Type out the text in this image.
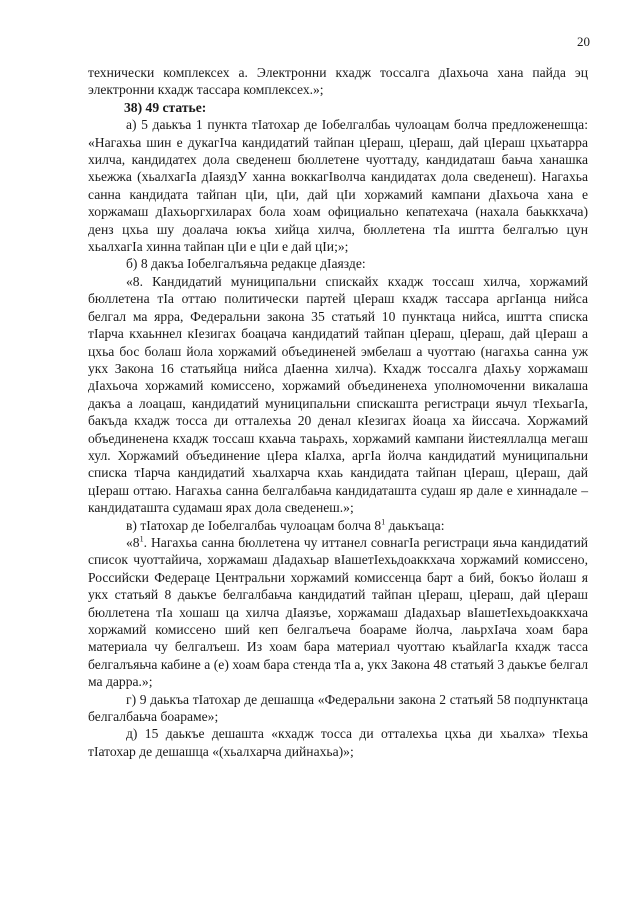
20

технически комплексех а. Электронни кхадж тоссалга дIахьоча хана пайда эц электронни кхадж тассара комплексех.»;

38) 49 статье:

а) 5 даькъа 1 пункта тIатохар де Iобелгалбаь чулоацам болча предложенешца: «Нагахьа шин е дукагIча кандидатий тайпан цIераш, цIераш, дай цIераш цхьатарра хилча, кандидатех дола сведенеш бюллетене чуоттаду, кандидаташ баьча ханашка хьежжа (хьалхагIа дIаяздУ ханна воккагIволча кандидатах дола сведенеш). Нагахьа санна кандидата тайпан цIи, цIи, дай цIи хоржамий кампани дIахьоча хана е хоржамаш дIахьоргхиларах бола хоам официально кепатехача (нахала баьккхача) денз цхьа шу доалача юкъа хийца хилча, бюллетена тIа иштта белгалъю цун хьалхагIа хинна тайпан цIи е цIи е дай цIи;»;

б) 8 дакъа Iобелгалъяьча редакце дIаязде:

«8. Кандидатий муниципальни спискайх кхадж тоссаш хилча, хоржамий бюллетена тIа оттаю политически партей цIераш кхадж тассара аргIанца нийса белгал ма ярра, Федеральни закона 35 статьяй 10 пунктаца нийса, иштта списка тIарча кхаьннел кIезигах боацача кандидатий тайпан цIераш, цIераш, дай цIераш а цхьа бос болаш йола хоржамий объединеней эмбелаш а чуоттаю (нагахьа санна уж укх Закона 16 статьяйца нийса дIаенна хилча). Кхадж тоссалга дIахьу хоржамаш дIахьоча хоржамий комиссено, хоржамий объединенеха уполномоченни викалаша дакъа а лоацаш, кандидатий муниципальни спискашта регистраци яьчул тIехьагIа, бакъда кхадж тосса ди отталехьа 20 денал кIезигах йоаца ха йиссача. Хоржамий объединенена кхадж тоссаш кхаьча таьрахь, хоржамий кампани йистеяллалца мегаш хул. Хоржамий объединение цIера кIалха, аргIа йолча кандидатий муниципальни списка тIарча кандидатий хьалхарча кхаь кандидата тайпан цIераш, цIераш, дай цIераш оттаю. Нагахьа санна белгалбаьча кандидаташта судаш яр дале е хиннадале – кандидаташта судамаш ярах дола сведенеш.»;

в) тIатохар де Iобелгалбаь чулоацам болча $8^1$ даькъаца:

«$8^1$. Нагахьа санна бюллетена чу иттанел совнагIа регистраци яьча кандидатий список чуоттайича, хоржамаш дIадахьар вIашетIехьдоаккхача хоржамий комиссено, Российски Федераце Центральни хоржамий комиссенца барт а бий, бокъо йолаш я укх статьяй 8 даькъе белгалбаьча кандидатий тайпан цIераш, цIераш, дай цIераш бюллетена тIа хошаш ца хилча дIаязъе, хоржамаш дIадахьар вIашетIехьдоаккхача хоржамий комиссено ший кеп белгалъеча боараме йолча, лаьрхIача хоам бара материала чу белгалъеш. Из хоам бара материал чуоттаю къайлагIа кхадж тасса белгалъяьча кабине а (е) хоам бара стенда тIа а, укх Закона 48 статьяй 3 даькъе белгал ма дарра.»;

г) 9 даькъа тIатохар де дешашца «Федеральни закона 2 статьяй 58 подпунктаца белгалбаьча боараме»;

д) 15 даькъе дешашта «кхадж тосса ди отталехьа цхьа ди хьалха» тIехьа тIатохар де дешашца «(хьалхарча дийнахьа)»;
